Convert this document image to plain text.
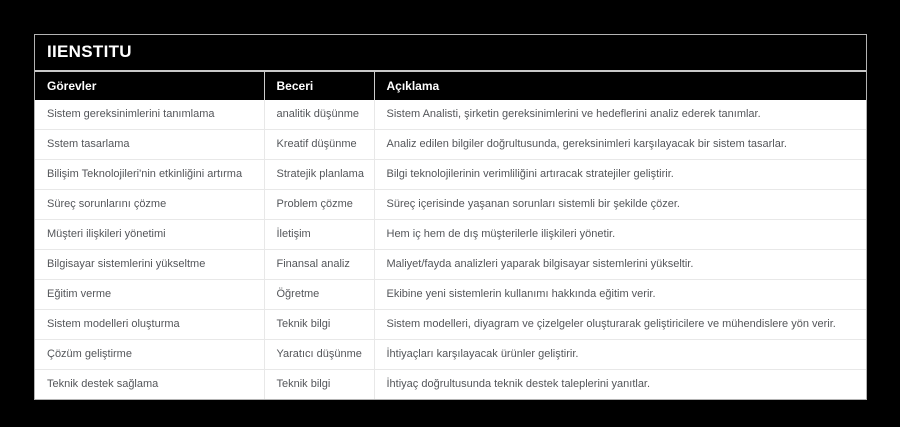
IIENSTITU
Görevler	Beceri	Açıklama
Sistem gereksinimlerini tanımlama	analitik düşünme	Sistem Analisti, şirketin gereksinimlerini ve hedeflerini analiz ederek tanımlar.
Sstem tasarlama	Kreatif düşünme	Analiz edilen bilgiler doğrultusunda, gereksinimleri karşılayacak bir sistem tasarlar.
Bilişim Teknolojileri'nin etkinliğini artırma	Stratejik planlama	Bilgi teknolojilerinin verimliliğini artıracak stratejiler geliştirir.
Süreç sorunlarını çözme	Problem çözme	Süreç içerisinde yaşanan sorunları sistemli bir şekilde çözer.
Müşteri ilişkileri yönetimi	İletişim	Hem iç hem de dış müşterilerle ilişkileri yönetir.
Bilgisayar sistemlerini yükseltme	Finansal analiz	Maliyet/fayda analizleri yaparak bilgisayar sistemlerini yükseltir.
Eğitim verme	Öğretme	Ekibine yeni sistemlerin kullanımı hakkında eğitim verir.
Sistem modelleri oluşturma	Teknik bilgi	Sistem modelleri, diyagram ve çizelgeler oluşturarak geliştiricilere ve mühendislere yön verir.
Çözüm geliştirme	Yaratıcı düşünme	İhtiyaçları karşılayacak ürünler geliştirir.
Teknik destek sağlama	Teknik bilgi	İhtiyaç doğrultusunda teknik destek taleplerini yanıtlar.
